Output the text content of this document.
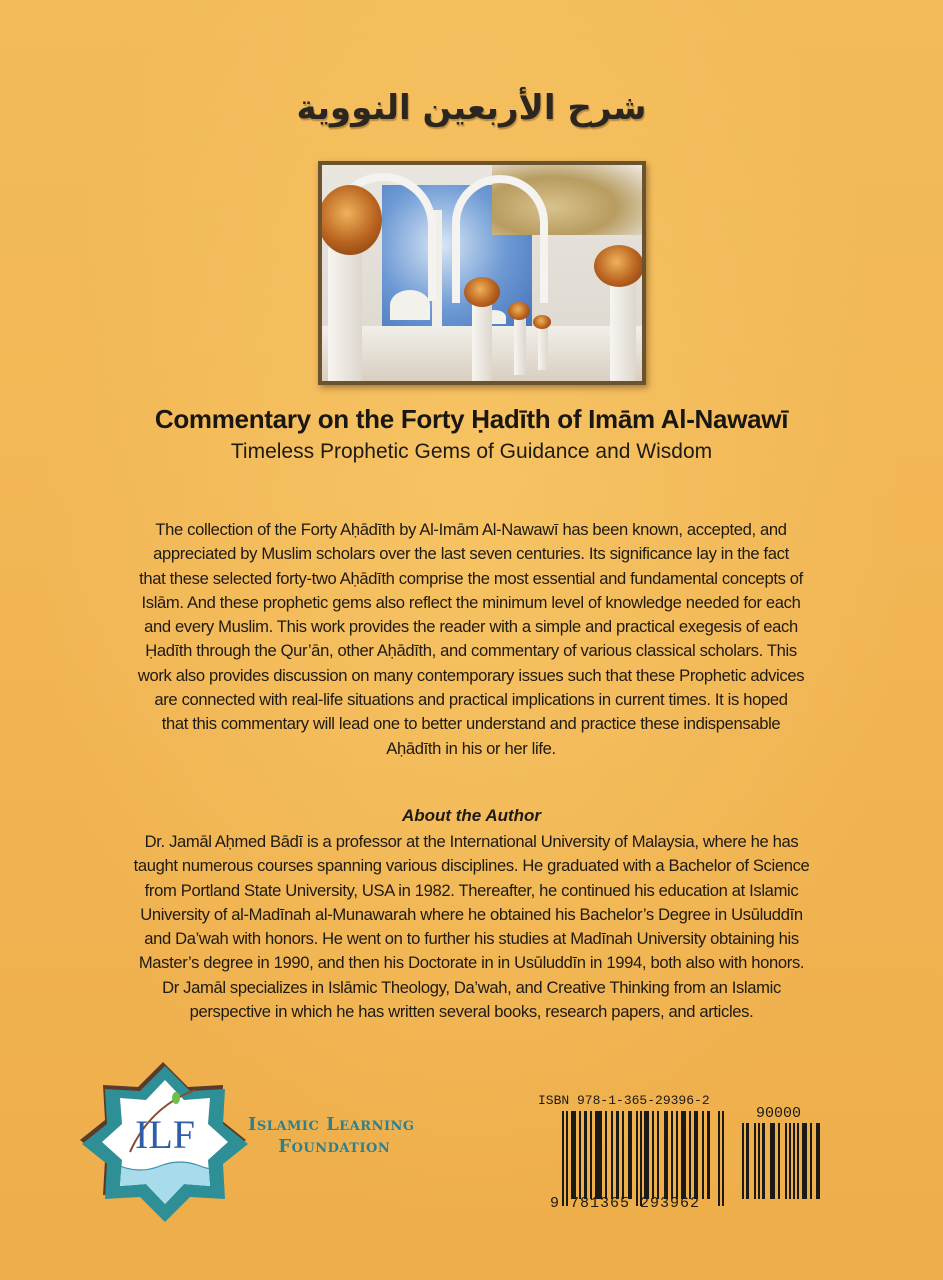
شرح الأربعين النووية
Commentary on the Forty Ḥadīth of Imām Al-Nawawī
Timeless Prophetic Gems of Guidance and Wisdom
The collection of the Forty Aḥādīth by Al-Imām Al-Nawawī has been known, accepted, and
appreciated by Muslim scholars over the last seven centuries. Its significance lay in the fact
that these selected forty-two Aḥādīth comprise the most essential and fundamental concepts of
Islām. And these prophetic gems also reflect the minimum level of knowledge needed for each
and every Muslim. This work provides the reader with a simple and practical exegesis of each
Ḥadīth through the Qur’ān, other Aḥādīth, and commentary of various classical scholars. This
work also provides discussion on many contemporary issues such that these Prophetic advices
are connected with real-life situations and practical implications in current times. It is hoped
that this commentary will lead one to better understand and practice these indispensable
Aḥādīth in his or her life.
About the Author
Dr. Jamāl Aḥmed Bādī is a professor at the International University of Malaysia, where he has
taught numerous courses spanning various disciplines. He graduated with a Bachelor of Science
from Portland State University, USA in 1982. Thereafter, he continued his education at Islamic
University of al-Madīnah al-Munawarah where he obtained his Bachelor’s Degree in Usūluddīn
and Da’wah with honors. He went on to further his studies at Madīnah University obtaining his
Master’s degree in 1990, and then his Doctorate in in Usūluddīn in 1994, both also with honors.
Dr Jamāl specializes in Islāmic Theology, Da’wah, and Creative Thinking from an Islamic
perspective in which he has written several books, research papers, and articles.
ILF	Islamic Learning
Foundation
ISBN 978-1-365-29396-2
90000
9 781365 293962
